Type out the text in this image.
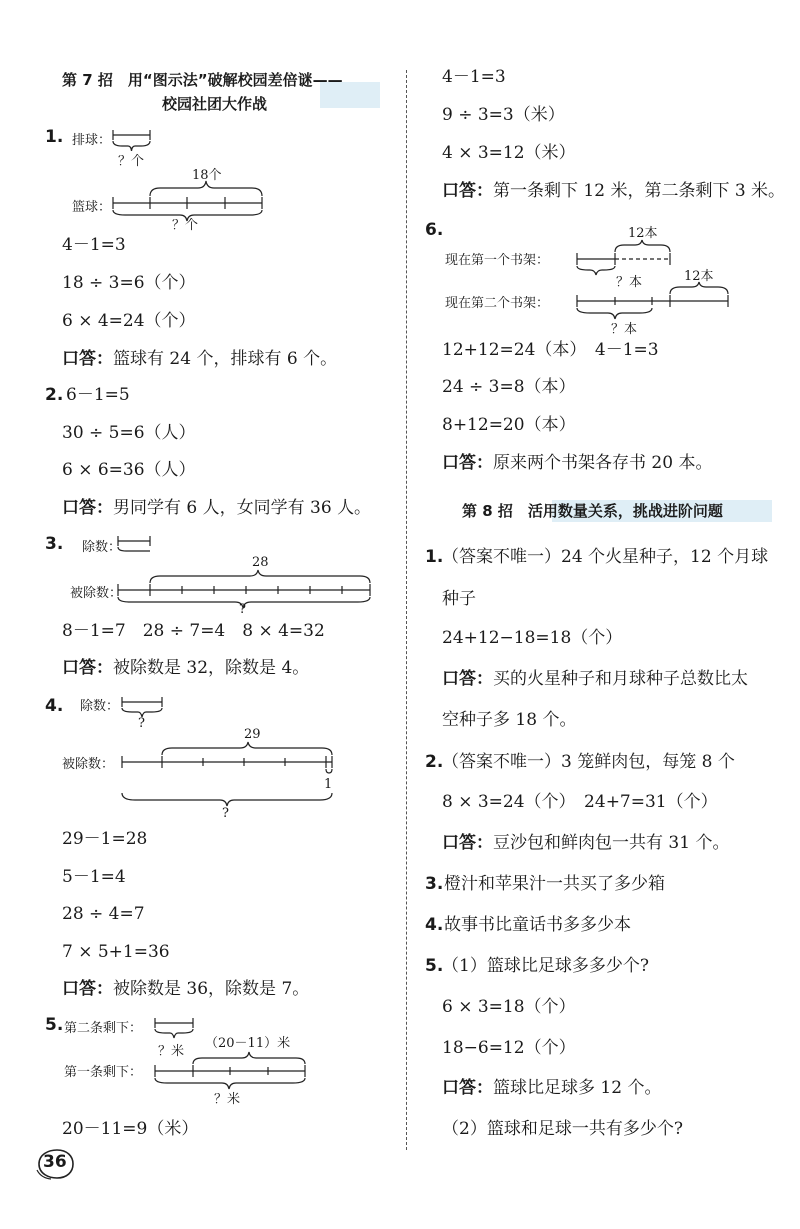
第 7 招　用“图示法”破解校园差倍谜——
校园社团大作战
1. 排球：
？个
篮球：
18个
？个
4－1=3
18 ÷ 3=6（个）
6 × 4=24（个）
口答：篮球有 24 个，排球有 6 个。
2. 6－1=5
30 ÷ 5=6（人）
6 × 6=36（人）
口答：男同学有 6 人，女同学有 36 人。
3. 除数：
28
被除数：
?
8－1=7　28 ÷ 7=4　8 × 4=32
口答：被除数是 32，除数是 4。
4. 除数：
?
29
被除数：
1
?
29－1=28
5－1=4
28 ÷ 4=7
7 × 5+1=36
口答：被除数是 36，除数是 7。
5. 第二条剩下：
？米
（20－11）米
第一条剩下：
？米
20－11=9（米）
4－1=3
9 ÷ 3=3（米）
4 × 3=12（米）
口答：第一条剩下 12 米，第二条剩下 3 米。
6.
现在第一个书架：
12本
？本
现在第二个书架：
12本
？本
12+12=24（本）　4－1=3
24 ÷ 3=8（本）
8+12=20（本）
口答：原来两个书架各存书 20 本。
第 8 招　活用数量关系，挑战进阶问题
1.
（答案不唯一）24 个火星种子，12 个月球
种子
24+12−18=18（个）
口答：买的火星种子和月球种子总数比太
空种子多 18 个。
2.
（答案不唯一）3 笼鲜肉包，每笼 8 个
8 × 3=24（个）　24+7=31（个）
口答：豆沙包和鲜肉包一共有 31 个。
3. 橙汁和苹果汁一共买了多少箱
4. 故事书比童话书多多少本
5.
（1）篮球比足球多多少个?
6 × 3=18（个）
18−6=12（个）
口答：篮球比足球多 12 个。
（2）篮球和足球一共有多少个?
36
